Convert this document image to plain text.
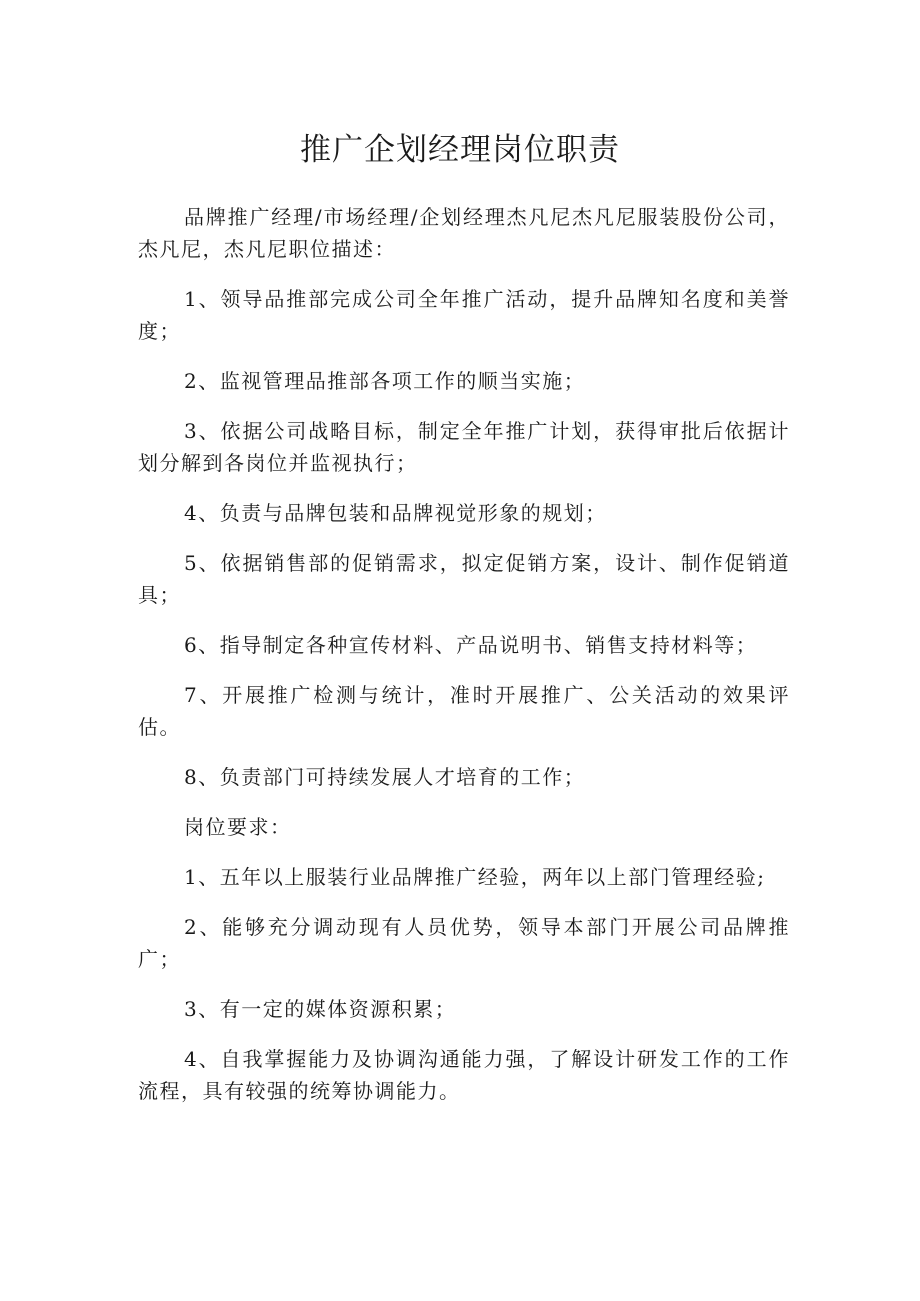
推广企划经理岗位职责

品牌推广经理/市场经理/企划经理杰凡尼杰凡尼服装股份公司，杰凡尼，杰凡尼职位描述：

1、领导品推部完成公司全年推广活动，提升品牌知名度和美誉度；

2、监视管理品推部各项工作的顺当实施；

3、依据公司战略目标，制定全年推广计划，获得审批后依据计划分解到各岗位并监视执行；

4、负责与品牌包装和品牌视觉形象的规划；

5、依据销售部的促销需求，拟定促销方案，设计、制作促销道具；

6、指导制定各种宣传材料、产品说明书、销售支持材料等；

7、开展推广检测与统计，准时开展推广、公关活动的效果评估。

8、负责部门可持续发展人才培育的工作；

岗位要求：

1、五年以上服装行业品牌推广经验，两年以上部门管理经验;

2、能够充分调动现有人员优势，领导本部门开展公司品牌推广；

3、有一定的媒体资源积累；

4、自我掌握能力及协调沟通能力强，了解设计研发工作的工作流程，具有较强的统筹协调能力。
